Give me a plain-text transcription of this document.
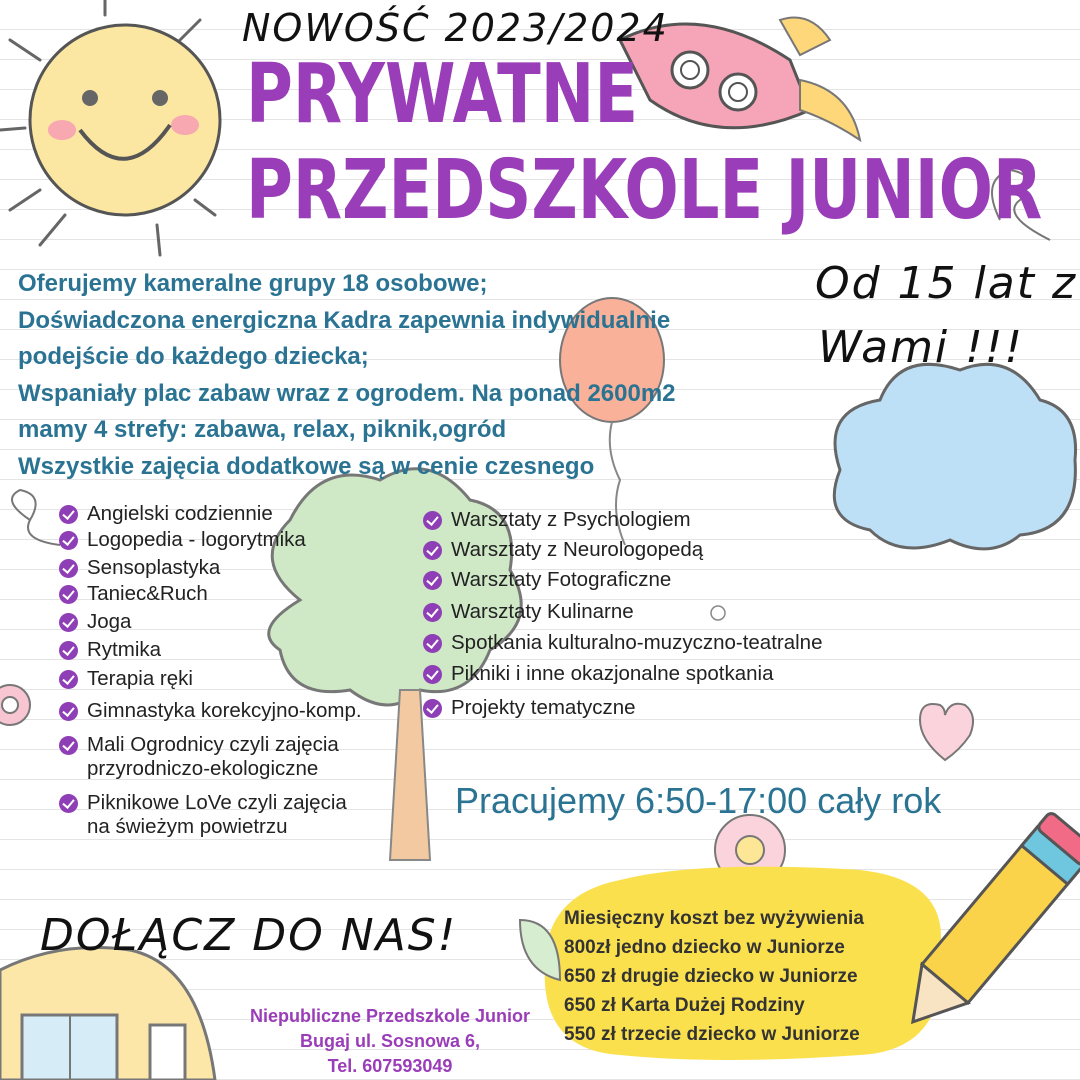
NOWOŚĆ 2023/2024
PRYWATNE
PRZEDSZKOLE JUNIOR
Od 15 lat z
Wami !!!
Oferujemy kameralne grupy 18 osobowe;
Doświadczona energiczna Kadra zapewnia indywidualnie
podejście do każdego dziecka;
Wspaniały plac zabaw wraz z ogrodem. Na ponad 2600m2
mamy 4 strefy: zabawa, relax, piknik,ogród
Wszystkie zajęcia dodatkowe są w cenie czesnego
Angielski codziennie
Logopedia - logorytmika
Sensoplastyka
Taniec&Ruch
Joga
Rytmika
Terapia ręki
Gimnastyka korekcyjno-komp.
Mali Ogrodnicy czyli zajęcia
przyrodniczo-ekologiczne
Piknikowe LoVe czyli zajęcia
na świeżym powietrzu
Warsztaty z Psychologiem
Warsztaty z Neurologopedą
Warsztaty Fotograficzne
Warsztaty Kulinarne
Spotkania kulturalno-muzyczno-teatralne
Pikniki i inne okazjonalne spotkania
Projekty tematyczne
Pracujemy 6:50-17:00 cały rok
DOŁĄCZ DO NAS!	Miesięczny koszt bez wyżywienia
800zł jedno dziecko w Juniorze
650 zł drugie dziecko w Juniorze
650 zł Karta Dużej Rodziny
550 zł trzecie dziecko w Juniorze
Niepubliczne Przedszkole Junior
Bugaj ul. Sosnowa 6,
Tel. 607593049
